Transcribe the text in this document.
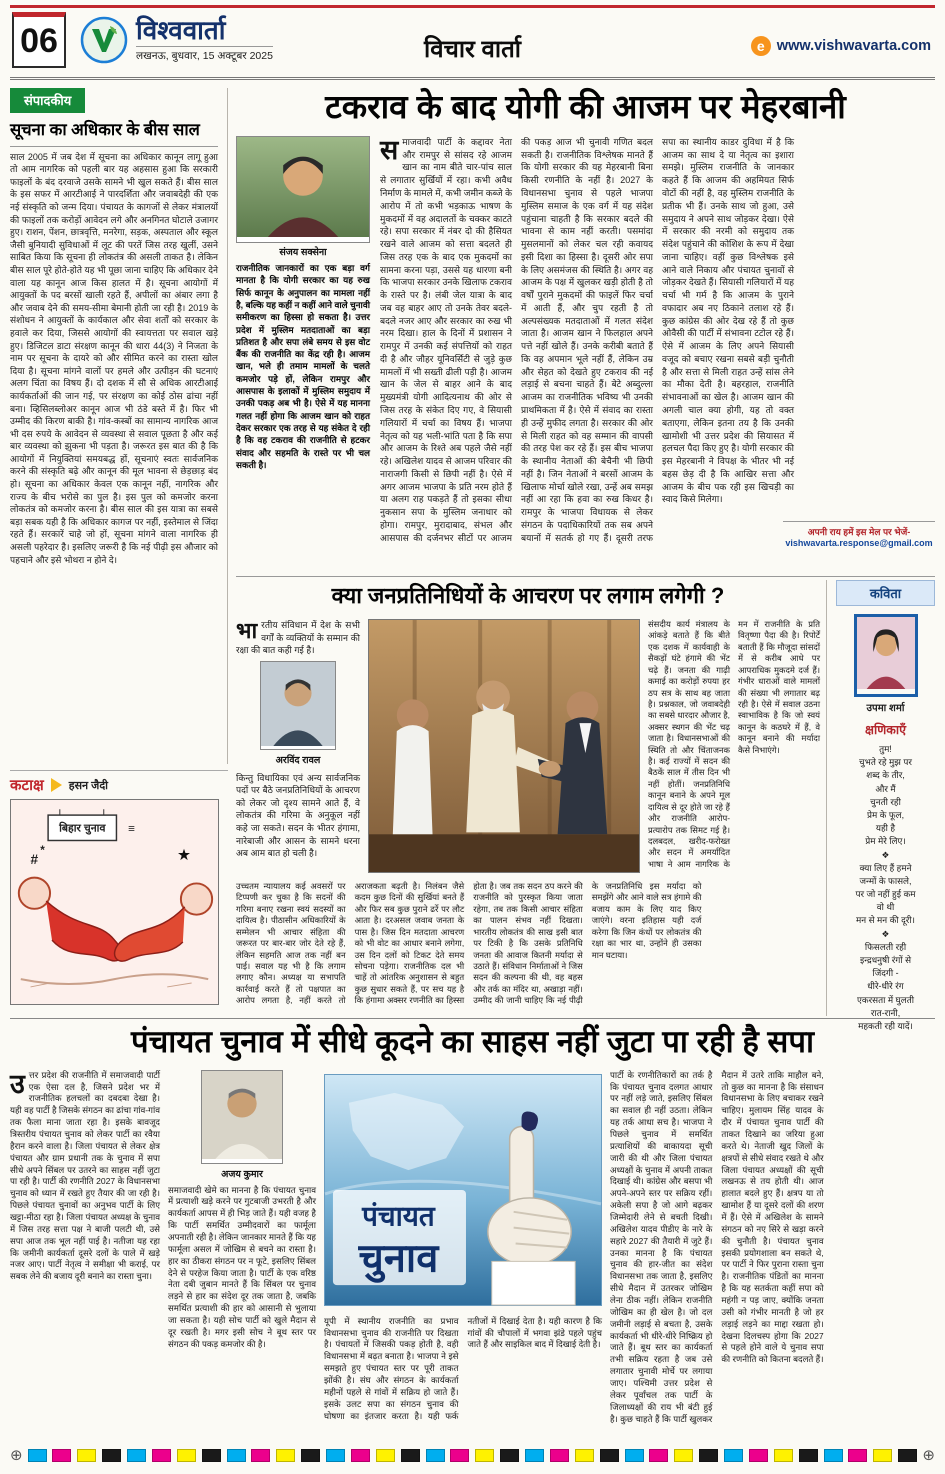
06	विश्ववार्ता
लखनऊ, बुधवार, 15 अक्टूबर 2025	विचार वार्ता	e www.vishwavarta.com
संपादकीय
सूचना का अधिकार के बीस साल
साल 2005 में जब देश में सूचना का अधिकार कानून लागू हुआ तो आम नागरिक को पहली बार यह अहसास हुआ कि सरकारी फाइलों के बंद दरवाजे उसके सामने भी खुल सकते हैं। बीस साल के इस सफर में आरटीआई ने पारदर्शिता और जवाबदेही की एक नई संस्कृति को जन्म दिया। पंचायत के कागजों से लेकर मंत्रालयों की फाइलों तक करोड़ों आवेदन लगे और अनगिनत घोटाले उजागर हुए। राशन, पेंशन, छात्रवृत्ति, मनरेगा, सड़क, अस्पताल और स्कूल जैसी बुनियादी सुविधाओं में लूट की परतें जिस तरह खुलीं, उसने साबित किया कि सूचना ही लोकतंत्र की असली ताकत है। लेकिन बीस साल पूरे होते-होते यह भी पूछा जाना चाहिए कि अधिकार देने वाला यह कानून आज किस हालत में है। सूचना आयोगों में आयुक्तों के पद बरसों खाली रहते हैं, अपीलों का अंबार लगा है और जवाब देने की समय-सीमा बेमानी होती जा रही है। 2019 के संशोधन ने आयुक्तों के कार्यकाल और सेवा शर्तों को सरकार के हवाले कर दिया, जिससे आयोगों की स्वायत्तता पर सवाल खड़े हुए। डिजिटल डाटा संरक्षण कानून की धारा 44(3) ने निजता के नाम पर सूचना के दायरे को और सीमित करने का रास्ता खोल दिया है। सूचना मांगने वालों पर हमले और उत्पीड़न की घटनाएं अलग चिंता का विषय हैं। दो दशक में सौ से अधिक आरटीआई कार्यकर्ताओं की जान गई, पर संरक्षण का कोई ठोस ढांचा नहीं बना। व्हिसिलब्लोअर कानून आज भी ठंडे बस्ते में है। फिर भी उम्मीद की किरण बाकी है। गांव-कस्बों का सामान्य नागरिक आज भी दस रुपये के आवेदन से व्यवस्था से सवाल पूछता है और कई बार व्यवस्था को झुकना भी पड़ता है। जरूरत इस बात की है कि आयोगों में नियुक्तियां समयबद्ध हों, सूचनाएं स्वतः सार्वजनिक करने की संस्कृति बढ़े और कानून की मूल भावना से छेड़छाड़ बंद हो। सूचना का अधिकार केवल एक कानून नहीं, नागरिक और राज्य के बीच भरोसे का पुल है। इस पुल को कमजोर करना लोकतंत्र को कमजोर करना है। बीस साल की इस यात्रा का सबसे बड़ा सबक यही है कि अधिकार कागज पर नहीं, इस्तेमाल से जिंदा रहते हैं। सरकारें चाहे जो हों, सूचना मांगने वाला नागरिक ही असली पहरेदार है। इसलिए जरूरी है कि नई पीढ़ी इस औजार को पहचाने और इसे भोथरा न होने दे।
कटाक्ष हसन जैदी
बिहार चुनाव ≡
#
*	★
टकराव के बाद योगी की आजम पर मेहरबानी
संजय सक्सेना
राजनीतिक जानकारों का एक बड़ा वर्ग मानता है कि योगी सरकार का यह रुख सिर्फ कानून के अनुपालन का मामला नहीं है, बल्कि यह कहीं न कहीं आने वाले चुनावी समीकरण का हिस्सा हो सकता है। उत्तर प्रदेश में मुस्लिम मतदाताओं का बड़ा प्रतिशत है और सपा लंबे समय से इस वोट बैंक की राजनीति का केंद्र रही है। आजम खान, भले ही तमाम मामलों के चलते कमजोर पड़े हों, लेकिन रामपुर और आसपास के इलाकों में मुस्लिम समुदाय में उनकी पकड़ अब भी है। ऐसे में यह मानना गलत नहीं होगा कि आजम खान को राहत देकर सरकार एक तरह से यह संकेत दे रही है कि वह टकराव की राजनीति से हटकर संवाद और सहमति के रास्ते पर भी चल सकती है।
समाजवादी पार्टी के कद्दावर नेता और रामपुर से सांसद रहे आजम खान का नाम बीते चार-पांच साल से लगातार सुर्खियों में रहा। कभी अवैध निर्माण के मामले में, कभी जमीन कब्जे के आरोप में तो कभी भड़काऊ भाषण के मुकदमों में वह अदालतों के चक्कर काटते रहे। सपा सरकार में नंबर दो की हैसियत रखने वाले आजम को सत्ता बदलते ही जिस तरह एक के बाद एक मुकदमों का सामना करना पड़ा, उससे यह धारणा बनी कि भाजपा सरकार उनके खिलाफ टकराव के रास्ते पर है। लंबी जेल यात्रा के बाद जब वह बाहर आए तो उनके तेवर बदले-बदले नजर आए और सरकार का रुख भी नरम दिखा। हाल के दिनों में प्रशासन ने रामपुर में उनकी कई संपत्तियों को राहत दी है और जौहर यूनिवर्सिटी से जुड़े कुछ मामलों में भी सख्ती ढीली पड़ी है। आजम खान के जेल से बाहर आने के बाद मुख्यमंत्री योगी आदित्यनाथ की ओर से जिस तरह के संकेत दिए गए, वे सियासी गलियारों में चर्चा का विषय हैं। भाजपा नेतृत्व को यह भली-भांति पता है कि सपा और आजम के रिश्ते अब पहले जैसे नहीं रहे। अखिलेश यादव से आजम परिवार की नाराजगी किसी से छिपी नहीं है। ऐसे में अगर आजम भाजपा के प्रति नरम होते हैं या अलग राह पकड़ते हैं तो इसका सीधा नुकसान सपा के मुस्लिम जनाधार को होगा। रामपुर, मुरादाबाद, संभल और आसपास की दर्जनभर सीटों पर आजम की पकड़ आज भी चुनावी गणित बदल सकती है। राजनीतिक विश्लेषक मानते हैं कि योगी सरकार की यह मेहरबानी बिना किसी रणनीति के नहीं है। 2027 के विधानसभा चुनाव से पहले भाजपा मुस्लिम समाज के एक वर्ग में यह संदेश पहुंचाना चाहती है कि सरकार बदले की भावना से काम नहीं करती। पसमांदा मुसलमानों को लेकर चल रही कवायद इसी दिशा का हिस्सा है। दूसरी ओर सपा के लिए असमंजस की स्थिति है। अगर वह आजम के पक्ष में खुलकर खड़ी होती है तो वर्षों पुराने मुकदमों की फाइलें फिर चर्चा में आती हैं, और चुप रहती है तो अल्पसंख्यक मतदाताओं में गलत संदेश जाता है। आजम खान ने फिलहाल अपने पत्ते नहीं खोले हैं। उनके करीबी बताते हैं कि वह अपमान भूले नहीं हैं, लेकिन उम्र और सेहत को देखते हुए टकराव की नई लड़ाई से बचना चाहते हैं। बेटे अब्दुल्ला आजम का राजनीतिक भविष्य भी उनकी प्राथमिकता में है। ऐसे में संवाद का रास्ता ही उन्हें मुफीद लगता है। सरकार की ओर से मिली राहत को वह सम्मान की वापसी की तरह पेश कर रहे हैं। इस बीच भाजपा के स्थानीय नेताओं की बेचैनी भी छिपी नहीं है। जिन नेताओं ने बरसों आजम के खिलाफ मोर्चा खोले रखा, उन्हें अब समझ नहीं आ रहा कि हवा का रुख किधर है। रामपुर के भाजपा विधायक से लेकर संगठन के पदाधिकारियों तक सब अपने बयानों में सतर्क हो गए हैं। दूसरी तरफ सपा का स्थानीय काडर दुविधा में है कि आजम का साथ दे या नेतृत्व का इशारा समझे। मुस्लिम राजनीति के जानकार कहते हैं कि आजम की अहमियत सिर्फ वोटों की नहीं है, वह मुस्लिम राजनीति के प्रतीक भी हैं। उनके साथ जो हुआ, उसे समुदाय ने अपने साथ जोड़कर देखा। ऐसे में सरकार की नरमी को समुदाय तक संदेश पहुंचाने की कोशिश के रूप में देखा जाना चाहिए। वहीं कुछ विश्लेषक इसे आने वाले निकाय और पंचायत चुनावों से जोड़कर देखते हैं। सियासी गलियारों में यह चर्चा भी गर्म है कि आजम के पुराने वफादार अब नए ठिकाने तलाश रहे हैं। कुछ कांग्रेस की ओर देख रहे हैं तो कुछ ओवैसी की पार्टी में संभावना टटोल रहे हैं। ऐसे में आजम के लिए अपने सियासी वजूद को बचाए रखना सबसे बड़ी चुनौती है और सत्ता से मिली राहत उन्हें सांस लेने का मौका देती है। बहरहाल, राजनीति संभावनाओं का खेल है। आजम खान की अगली चाल क्या होगी, यह तो वक्त बताएगा, लेकिन इतना तय है कि उनकी खामोशी भी उत्तर प्रदेश की सियासत में हलचल पैदा किए हुए है। योगी सरकार की इस मेहरबानी ने विपक्ष के भीतर भी नई बहस छेड़ दी है कि आखिर सत्ता और आजम के बीच पक रही इस खिचड़ी का स्वाद किसे मिलेगा।
अपनी राय हमें इस मेल पर भेजें-
vishwavarta.response@gmail.com
क्या जनप्रतिनिधियों के आचरण पर लगाम लगेगी ?

भारतीय संविधान में देश के सभी वर्गों के व्यक्तियों के सम्मान की रक्षा की बात कही गई है।

अरविंद रावल

किन्तु विधायिका एवं अन्य सार्वजनिक पदों पर बैठे जनप्रतिनिधियों के आचरण को लेकर जो दृश्य सामने आते हैं, वे लोकतंत्र की गरिमा के अनुकूल नहीं कहे जा सकते। सदन के भीतर हंगामा, नारेबाजी और आसन के सामने धरना अब आम बात हो चली है।

संसदीय कार्य मंत्रालय के आंकड़े बताते हैं कि बीते एक दशक में कार्यवाही के सैकड़ों घंटे हंगामे की भेंट चढ़े हैं। जनता की गाढ़ी कमाई का करोड़ों रुपया हर ठप सत्र के साथ बह जाता है। प्रश्नकाल, जो जवाबदेही का सबसे धारदार औजार है, अक्सर स्थगन की भेंट चढ़ जाता है। विधानसभाओं की स्थिति तो और चिंताजनक है। कई राज्यों में सदन की बैठकें साल में तीस दिन भी नहीं होतीं। जनप्रतिनिधि कानून बनाने के अपने मूल दायित्व से दूर होते जा रहे हैं और राजनीति आरोप-प्रत्यारोप तक सिमट गई है। दलबदल, खरीद-फरोख्त और सदन में अमर्यादित भाषा ने आम नागरिक के मन में राजनीति के प्रति वितृष्णा पैदा की है। रिपोर्टें बताती हैं कि मौजूदा सांसदों में से करीब आधे पर आपराधिक मुकदमे दर्ज हैं। गंभीर धाराओं वाले मामलों की संख्या भी लगातार बढ़ रही है। ऐसे में सवाल उठना स्वाभाविक है कि जो स्वयं कानून के कठघरे में हैं, वे कानून बनाने की मर्यादा कैसे निभाएंगे।
उच्चतम न्यायालय कई अवसरों पर टिप्पणी कर चुका है कि सदनों की गरिमा बनाए रखना स्वयं सदस्यों का दायित्व है। पीठासीन अधिकारियों के सम्मेलन भी आचार संहिता की जरूरत पर बार-बार जोर देते रहे हैं, लेकिन सहमति आज तक नहीं बन पाई। सवाल यह भी है कि लगाम लगाए कौन। अध्यक्ष या सभापति कार्रवाई करते हैं तो पक्षपात का आरोप लगता है, नहीं करते तो अराजकता बढ़ती है। निलंबन जैसे कदम कुछ दिनों की सुर्खियां बनते हैं और फिर सब कुछ पुराने ढर्रे पर लौट आता है। दरअसल जवाब जनता के पास है। जिस दिन मतदाता आचरण को भी वोट का आधार बनाने लगेगा, उस दिन दलों को टिकट देते समय सोचना पड़ेगा। राजनीतिक दल भी चाहें तो आंतरिक अनुशासन से बहुत कुछ सुधार सकते हैं, पर सच यह है कि हंगामा अक्सर रणनीति का हिस्सा होता है। जब तक सदन ठप करने की राजनीति को पुरस्कृत किया जाता रहेगा, तब तक किसी आचार संहिता का पालन संभव नहीं दिखता। भारतीय लोकतंत्र की साख इसी बात पर टिकी है कि उसके प्रतिनिधि जनता की आवाज कितनी मर्यादा से उठाते हैं। संविधान निर्माताओं ने जिस सदन की कल्पना की थी, वह बहस और तर्क का मंदिर था, अखाड़ा नहीं। उम्मीद की जानी चाहिए कि नई पीढ़ी के जनप्रतिनिधि इस मर्यादा को समझेंगे और आने वाले सत्र हंगामे की बजाय काम के लिए याद किए जाएंगे। वरना इतिहास यही दर्ज करेगा कि जिन कंधों पर लोकतंत्र की रक्षा का भार था, उन्होंने ही उसका मान घटाया।
कविता
उपमा शर्मा
क्षणिकाएँ
तुम!
चुभते रहे मुझ पर
शब्द के तीर,
और मैं
चुनती रही
प्रेम के फूल,
यही है
प्रेम मेरे लिए।
❖
क्या लिए हैं हमने
जन्मों के फासले,
पर जो नहीं हुई कम
वो थी
मन से मन की दूरी।
❖
फिसलती रही
इन्द्रधनुषी रंगों से
जिंदगी -
धीरे-धीरे रंग
एकरसता में घुलती
रात-रानी,
महकती रही यादें।
पंचायत चुनाव में सीधे कूदने का साहस नहीं जुटा पा रही है सपा
उत्तर प्रदेश की राजनीति में समाजवादी पार्टी एक ऐसा दल है, जिसने प्रदेश भर में राजनीतिक हलचलों का दबदबा देखा है। यही वह पार्टी है जिसके संगठन का ढांचा गांव-गांव तक फैला माना जाता रहा है। इसके बावजूद त्रिस्तरीय पंचायत चुनाव को लेकर पार्टी का रवैया हैरान करने वाला है। जिला पंचायत से लेकर क्षेत्र पंचायत और ग्राम प्रधानी तक के चुनाव में सपा सीधे अपने सिंबल पर उतरने का साहस नहीं जुटा पा रही है। पार्टी की रणनीति 2027 के विधानसभा चुनाव को ध्यान में रखते हुए तैयार की जा रही है। पिछले पंचायत चुनावों का अनुभव पार्टी के लिए खट्टा-मीठा रहा है। जिला पंचायत अध्यक्ष के चुनाव में जिस तरह सत्ता पक्ष ने बाजी पलटी थी, उसे सपा आज तक भूल नहीं पाई है। नतीजा यह रहा कि जमीनी कार्यकर्ता दूसरे दलों के पाले में खड़े नजर आए। पार्टी नेतृत्व ने समीक्षा भी कराई, पर सबक लेने की बजाय दूरी बनाने का रास्ता चुना।
अजय कुमार
समाजवादी खेमे का मानना है कि पंचायत चुनाव में प्रत्याशी खड़े करने पर गुटबाजी उभरती है और कार्यकर्ता आपस में ही भिड़ जाते हैं। यही वजह है कि पार्टी समर्थित उम्मीदवारों का फार्मूला अपनाती रही है। लेकिन जानकार मानते हैं कि यह फार्मूला असल में जोखिम से बचने का रास्ता है। हार का ठीकरा संगठन पर न फूटे, इसलिए सिंबल देने से परहेज किया जाता है। पार्टी के एक वरिष्ठ नेता दबी जुबान मानते हैं कि सिंबल पर चुनाव लड़ने से हार का संदेश दूर तक जाता है, जबकि समर्थित प्रत्याशी की हार को आसानी से भुलाया जा सकता है। यही सोच पार्टी को खुले मैदान से दूर रखती है। मगर इसी सोच ने बूथ स्तर पर संगठन की पकड़ कमजोर की है।
पंचायत
चुनाव
यूपी में स्थानीय राजनीति का प्रभाव विधानसभा चुनाव की राजनीति पर दिखता है। पंचायतों में जिसकी पकड़ होती है, वही विधानसभा में बढ़त बनाता है। भाजपा ने इसे समझते हुए पंचायत स्तर पर पूरी ताकत झोंकी है। संघ और संगठन के कार्यकर्ता महीनों पहले से गांवों में सक्रिय हो जाते हैं। इसके उलट सपा का संगठन चुनाव की घोषणा का इंतजार करता है। यही फर्क नतीजों में दिखाई देता है। यही कारण है कि गांवों की चौपालों में भगवा झंडे पहले पहुंच जाते हैं और साइकिल बाद में दिखाई देती है।
पार्टी के रणनीतिकारों का तर्क है कि पंचायत चुनाव दलगत आधार पर नहीं लड़े जाते, इसलिए सिंबल का सवाल ही नहीं उठता। लेकिन यह तर्क आधा सच है। भाजपा ने पिछले चुनाव में समर्थित प्रत्याशियों की बाकायदा सूची जारी की थी और जिला पंचायत अध्यक्षों के चुनाव में अपनी ताकत दिखाई थी। कांग्रेस और बसपा भी अपने-अपने स्तर पर सक्रिय रहीं। अकेली सपा है जो आगे बढ़कर जिम्मेदारी लेने से बचती दिखी। अखिलेश यादव पीडीए के नारे के सहारे 2027 की तैयारी में जुटे हैं। उनका मानना है कि पंचायत चुनाव की हार-जीत का संदेश विधानसभा तक जाता है, इसलिए सीधे मैदान में उतरकर जोखिम लेना ठीक नहीं। लेकिन राजनीति जोखिम का ही खेल है। जो दल जमीनी लड़ाई से बचता है, उसके कार्यकर्ता भी धीरे-धीरे निष्क्रिय हो जाते हैं। बूथ स्तर का कार्यकर्ता तभी सक्रिय रहता है जब उसे लगातार चुनावी मोर्चे पर लगाया जाए। पश्चिमी उत्तर प्रदेश से लेकर पूर्वांचल तक पार्टी के जिलाध्यक्षों की राय भी बंटी हुई है। कुछ चाहते हैं कि पार्टी खुलकर मैदान में उतरे ताकि माहौल बने, तो कुछ का मानना है कि संसाधन विधानसभा के लिए बचाकर रखने चाहिए। मुलायम सिंह यादव के दौर में पंचायत चुनाव पार्टी की ताकत दिखाने का जरिया हुआ करते थे। नेताजी खुद जिलों के क्षत्रपों से सीधे संवाद रखते थे और जिला पंचायत अध्यक्षों की सूची लखनऊ से तय होती थी। आज हालात बदले हुए हैं। क्षत्रप या तो खामोश हैं या दूसरे दलों की शरण में हैं। ऐसे में अखिलेश के सामने संगठन को नए सिरे से खड़ा करने की चुनौती है। पंचायत चुनाव इसकी प्रयोगशाला बन सकते थे, पर पार्टी ने फिर पुराना रास्ता चुना है। राजनीतिक पंडितों का मानना है कि यह सतर्कता कहीं सपा को महंगी न पड़ जाए, क्योंकि जनता उसी को गंभीर मानती है जो हर लड़ाई लड़ने का माद्दा रखता हो। देखना दिलचस्प होगा कि 2027 से पहले होने वाले ये चुनाव सपा की रणनीति को कितना बदलते हैं।
⊕	⊕
